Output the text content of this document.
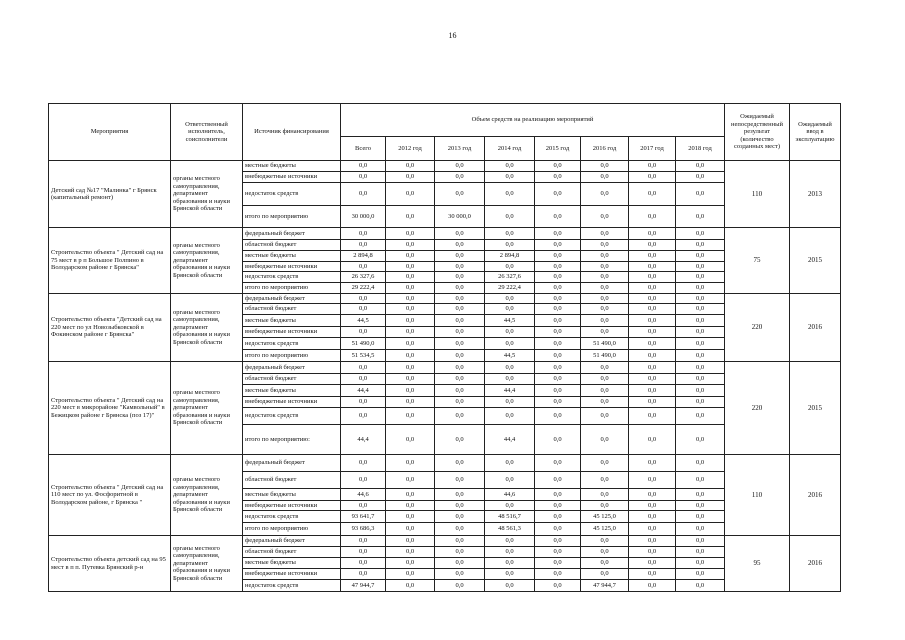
16
Мероприятия	Ответственный исполнитель, соисполнители	Источник финансирования	Объем средств на реализацию мероприятий								Ожидаемый непосредственный результат (количество созданных мест)	Ожидаемый ввод в эксплуатацию
			Всего	2012 год	2013 год	2014 год	2015 год	2016 год	2017 год	2018 год		
Детский сад №17 "Малинка" г Брянск (капитальный ремонт)	органы местного самоуправления, департамент образования и науки Брянской области	местные бюджеты	0,0	0,0	0,0	0,0	0,0	0,0	0,0	0,0	110	2013
		внебюджетные источники	0,0	0,0	0,0	0,0	0,0	0,0	0,0	0,0		
		недостаток средств	0,0	0,0	0,0	0,0	0,0	0,0	0,0	0,0		
		итого по мероприятию	30 000,0	0,0	30 000,0	0,0	0,0	0,0	0,0	0,0		
Строительство объекта " Детский сад на 75 мест в р п Большое Полпино в Володарском районе г Брянска"	органы местного самоуправления, департамент образования и науки Брянской области	федеральный бюджет	0,0	0,0	0,0	0,0	0,0	0,0	0,0	0,0	75	2015
		областной бюджет	0,0	0,0	0,0	0,0	0,0	0,0	0,0	0,0		
		местные бюджеты	2 894,8	0,0	0,0	2 894,8	0,0	0,0	0,0	0,0		
		внебюджетные источники	0,0	0,0	0,0	0,0	0,0	0,0	0,0	0,0		
		недостаток средств	26 327,6	0,0	0,0	26 327,6	0,0	0,0	0,0	0,0		
		итого по мероприятию	29 222,4	0,0	0,0	29 222,4	0,0	0,0	0,0	0,0		
Строительство объекта "Детский сад на 220 мест по ул Новозыбковской в Фокинском районе г Брянска"	органы местного самоуправления, департамент образования и науки Брянской области	федеральный бюджет	0,0	0,0	0,0	0,0	0,0	0,0	0,0	0,0	220	2016
		областной бюджет	0,0	0,0	0,0	0,0	0,0	0,0	0,0	0,0		
		местные бюджеты	44,5	0,0	0,0	44,5	0,0	0,0	0,0	0,0		
		внебюджетные источники	0,0	0,0	0,0	0,0	0,0	0,0	0,0	0,0		
		недостаток средств	51 490,0	0,0	0,0	0,0	0,0	51 490,0	0,0	0,0		
		итого по мероприятию	51 534,5	0,0	0,0	44,5	0,0	51 490,0	0,0	0,0		
Строительство объекта " Детский сад на 220 мест в микрорайоне "Камвольный" в Бежицком районе г Брянска (поз 17)"	органы местного самоуправления, департамент образования и науки Брянской области	федеральный бюджет	0,0	0,0	0,0	0,0	0,0	0,0	0,0	0,0	220	2015
		областной бюджет	0,0	0,0	0,0	0,0	0,0	0,0	0,0	0,0		
		местные бюджеты	44,4	0,0	0,0	44,4	0,0	0,0	0,0	0,0		
		внебюджетные источники	0,0	0,0	0,0	0,0	0,0	0,0	0,0	0,0		
		недостаток средств	0,0	0,0	0,0	0,0	0,0	0,0	0,0	0,0		
		итого по мероприятию:	44,4	0,0	0,0	44,4	0,0	0,0	0,0	0,0		
Строительство объекта " Детский сад на 110 мест по ул. Фосфоритной в Володарском районе, г Брянска "	органы местного самоуправления, департамент образования и науки Брянской области	федеральный бюджет	0,0	0,0	0,0	0,0	0,0	0,0	0,0	0,0	110	2016
		областной бюджет	0,0	0,0	0,0	0,0	0,0	0,0	0,0	0,0		
		местные бюджеты	44,6	0,0	0,0	44,6	0,0	0,0	0,0	0,0		
		внебюджетные источники	0,0	0,0	0,0	0,0	0,0	0,0	0,0	0,0		
		недостаток средств	93 641,7	0,0	0,0	48 516,7	0,0	45 125,0	0,0	0,0		
		итого по мероприятию	93 686,3	0,0	0,0	48 561,3	0,0	45 125,0	0,0	0,0		
Строительство объекта детский сад на 95 мест в п п. Путевка Брянский р-н	органы местного самоуправления, департамент образования и науки Брянской области	федеральный бюджет	0,0	0,0	0,0	0,0	0,0	0,0	0,0	0,0	95	2016
		областной бюджет	0,0	0,0	0,0	0,0	0,0	0,0	0,0	0,0		
		местные бюджеты	0,0	0,0	0,0	0,0	0,0	0,0	0,0	0,0		
		внебюджетные источники	0,0	0,0	0,0	0,0	0,0	0,0	0,0	0,0		
		недостаток средств	47 944,7	0,0	0,0	0,0	0,0	47 944,7	0,0	0,0		
